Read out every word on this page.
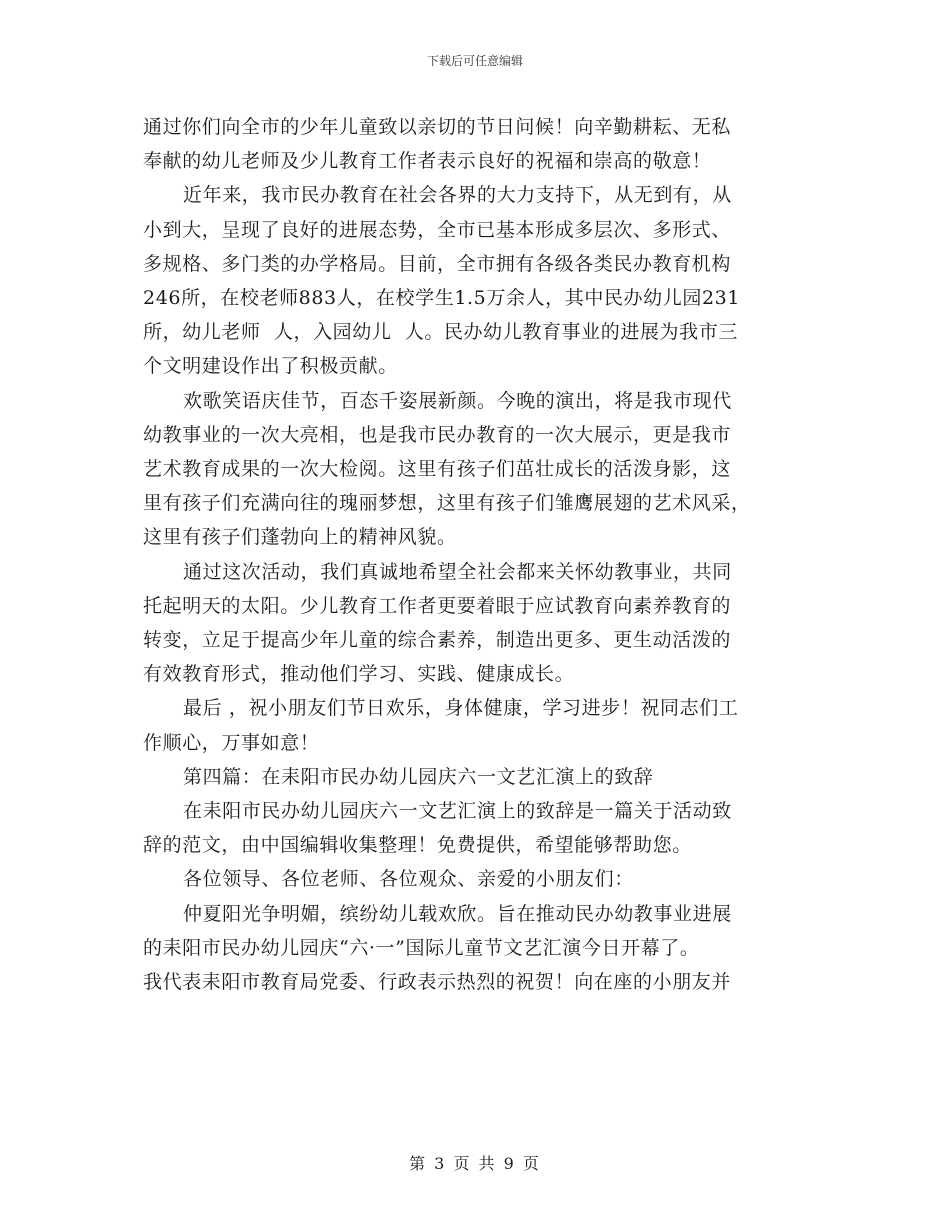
下载后可任意编辑
通过你们向全市的少年儿童致以亲切的节日问候！向辛勤耕耘、无私
奉献的幼儿老师及少儿教育工作者表示良好的祝福和崇高的敬意！
近年来，我市民办教育在社会各界的大力支持下，从无到有，从
小到大，呈现了良好的进展态势，全市已基本形成多层次、多形式、
多规格、多门类的办学格局。目前，全市拥有各级各类民办教育机构
246所，在校老师883人，在校学生1.5万余人，其中民办幼儿园231
所，幼儿老师  人，入园幼儿  人。民办幼儿教育事业的进展为我市三
个文明建设作出了积极贡献。
欢歌笑语庆佳节，百态千姿展新颜。今晚的演出，将是我市现代
幼教事业的一次大亮相，也是我市民办教育的一次大展示，更是我市
艺术教育成果的一次大检阅。这里有孩子们茁壮成长的活泼身影，这
里有孩子们充满向往的瑰丽梦想，这里有孩子们雏鹰展翅的艺术风采，
这里有孩子们蓬勃向上的精神风貌。
通过这次活动，我们真诚地希望全社会都来关怀幼教事业，共同
托起明天的太阳。少儿教育工作者更要着眼于应试教育向素养教育的
转变，立足于提高少年儿童的综合素养，制造出更多、更生动活泼的
有效教育形式，推动他们学习、实践、健康成长。
最后 ，祝小朋友们节日欢乐，身体健康，学习进步！祝同志们工
作顺心，万事如意！
第四篇：在耒阳市民办幼儿园庆六一文艺汇演上的致辞
在耒阳市民办幼儿园庆六一文艺汇演上的致辞是一篇关于活动致
辞的范文，由中国编辑收集整理！免费提供，希望能够帮助您。
各位领导、各位老师、各位观众、亲爱的小朋友们：
仲夏阳光争明媚，缤纷幼儿载欢欣。旨在推动民办幼教事业进展
的耒阳市民办幼儿园庆“六·一”国际儿童节文艺汇演今日开幕了。
我代表耒阳市教育局党委、行政表示热烈的祝贺！向在座的小朋友并
第 3 页 共 9 页
